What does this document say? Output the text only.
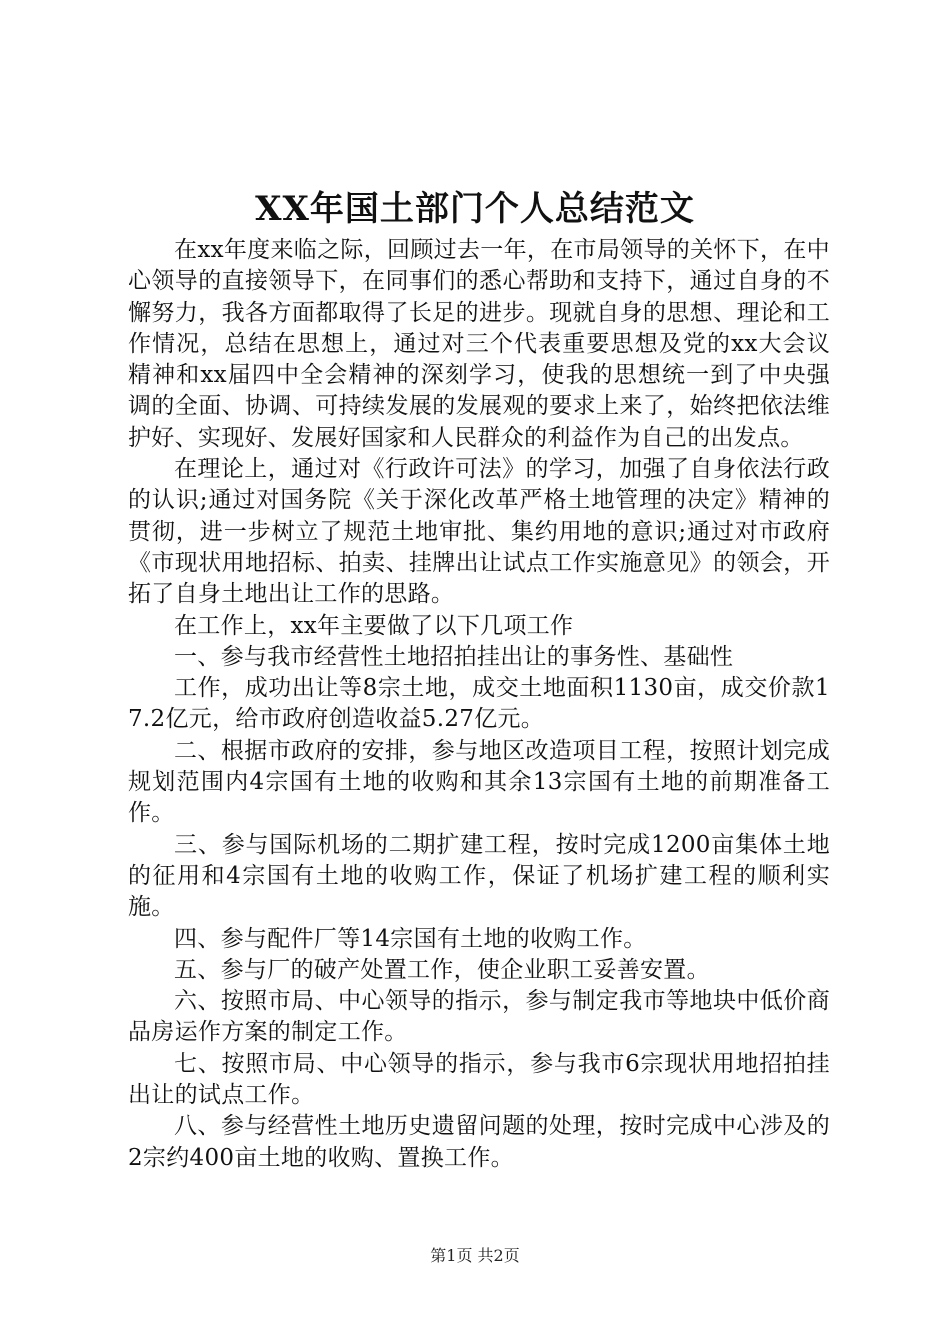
XX年国土部门个人总结范文

在xx年度来临之际，回顾过去一年，在市局领导的关怀下，在中心领导的直接领导下，在同事们的悉心帮助和支持下，通过自身的不懈努力，我各方面都取得了长足的进步。现就自身的思想、理论和工作情况，总结在思想上，通过对三个代表重要思想及党的xx大会议精神和xx届四中全会精神的深刻学习，使我的思想统一到了中央强调的全面、协调、可持续发展的发展观的要求上来了，始终把依法维护好、实现好、发展好国家和人民群众的利益作为自己的出发点。

在理论上，通过对《行政许可法》的学习，加强了自身依法行政的认识;通过对国务院《关于深化改革严格土地管理的决定》精神的贯彻，进一步树立了规范土地审批、集约用地的意识;通过对市政府《市现状用地招标、拍卖、挂牌出让试点工作实施意见》的领会，开拓了自身土地出让工作的思路。

在工作上，xx年主要做了以下几项工作

一、参与我市经营性土地招拍挂出让的事务性、基础性

工作，成功出让等8宗土地，成交土地面积1130亩，成交价款17.2亿元，给市政府创造收益5.27亿元。

二、根据市政府的安排，参与地区改造项目工程，按照计划完成规划范围内4宗国有土地的收购和其余13宗国有土地的前期准备工作。

三、参与国际机场的二期扩建工程，按时完成1200亩集体土地的征用和4宗国有土地的收购工作，保证了机场扩建工程的顺利实施。

四、参与配件厂等14宗国有土地的收购工作。

五、参与厂的破产处置工作，使企业职工妥善安置。

六、按照市局、中心领导的指示，参与制定我市等地块中低价商品房运作方案的制定工作。

七、按照市局、中心领导的指示，参与我市6宗现状用地招拍挂出让的试点工作。

八、参与经营性土地历史遗留问题的处理，按时完成中心涉及的2宗约400亩土地的收购、置换工作。

第1页 共2页
